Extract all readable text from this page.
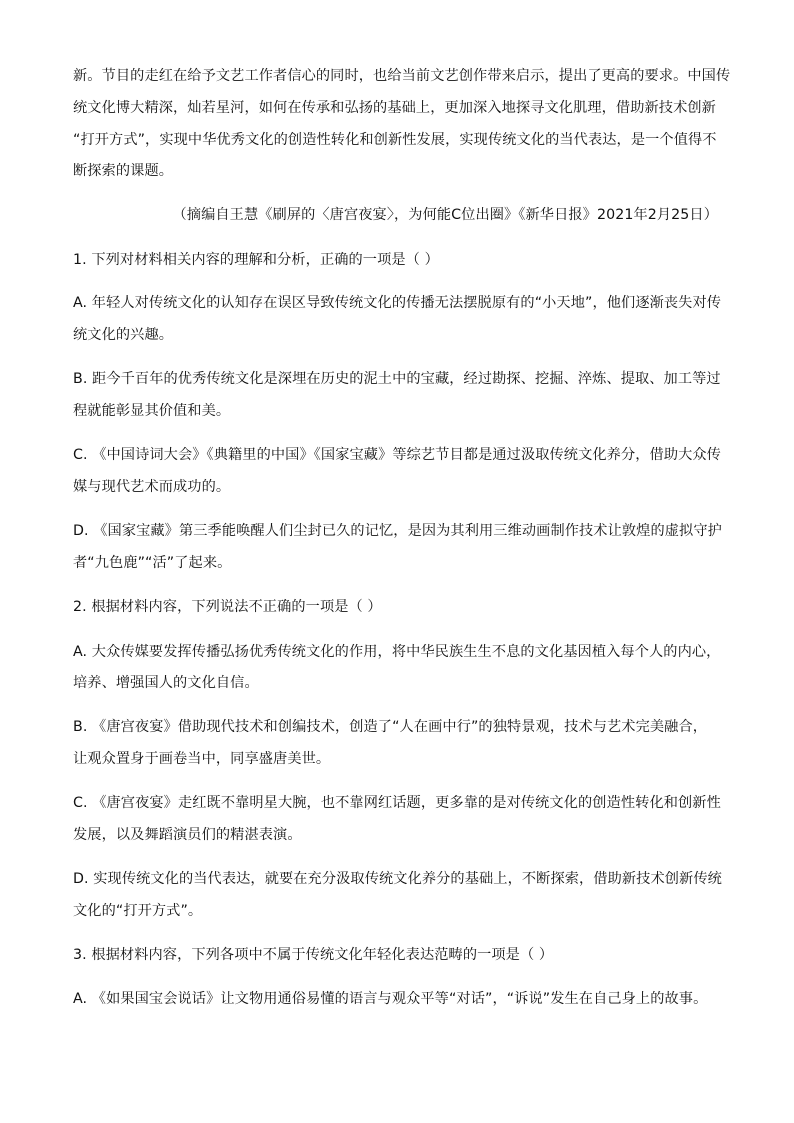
新。节目的走红在给予文艺工作者信心的同时，也给当前文艺创作带来启示，提出了更高的要求。中国传
统文化博大精深，灿若星河，如何在传承和弘扬的基础上，更加深入地探寻文化肌理，借助新技术创新
“打开方式”，实现中华优秀文化的创造性转化和创新性发展，实现传统文化的当代表达，是一个值得不
断探索的课题。
（摘编自王慧《刷屏的〈唐宫夜宴〉，为何能C位出圈》《新华日报》2021年2月25日）
1. 下列对材料相关内容的理解和分析，正确的一项是（ ）
A. 年轻人对传统文化的认知存在误区导致传统文化的传播无法摆脱原有的“小天地”，他们逐渐丧失对传
统文化的兴趣。
B. 距今千百年的优秀传统文化是深埋在历史的泥土中的宝藏，经过勘探、挖掘、淬炼、提取、加工等过
程就能彰显其价值和美。
C. 《中国诗词大会》《典籍里的中国》《国家宝藏》等综艺节目都是通过汲取传统文化养分，借助大众传
媒与现代艺术而成功的。
D. 《国家宝藏》第三季能唤醒人们尘封已久的记忆，是因为其利用三维动画制作技术让敦煌的虚拟守护
者“九色鹿”“活”了起来。
2. 根据材料内容，下列说法不正确的一项是（ ）
A. 大众传媒要发挥传播弘扬优秀传统文化的作用，将中华民族生生不息的文化基因植入每个人的内心，
培养、增强国人的文化自信。
B. 《唐宫夜宴》借助现代技术和创编技术，创造了“人在画中行”的独特景观，技术与艺术完美融合，
让观众置身于画卷当中，同享盛唐美世。
C. 《唐宫夜宴》走红既不靠明星大腕，也不靠网红话题，更多靠的是对传统文化的创造性转化和创新性
发展，以及舞蹈演员们的精湛表演。
D. 实现传统文化的当代表达，就要在充分汲取传统文化养分的基础上，不断探索，借助新技术创新传统
文化的“打开方式”。
3. 根据材料内容，下列各项中不属于传统文化年轻化表达范畴的一项是（ ）
A. 《如果国宝会说话》让文物用通俗易懂的语言与观众平等“对话”，“诉说”发生在自己身上的故事。
